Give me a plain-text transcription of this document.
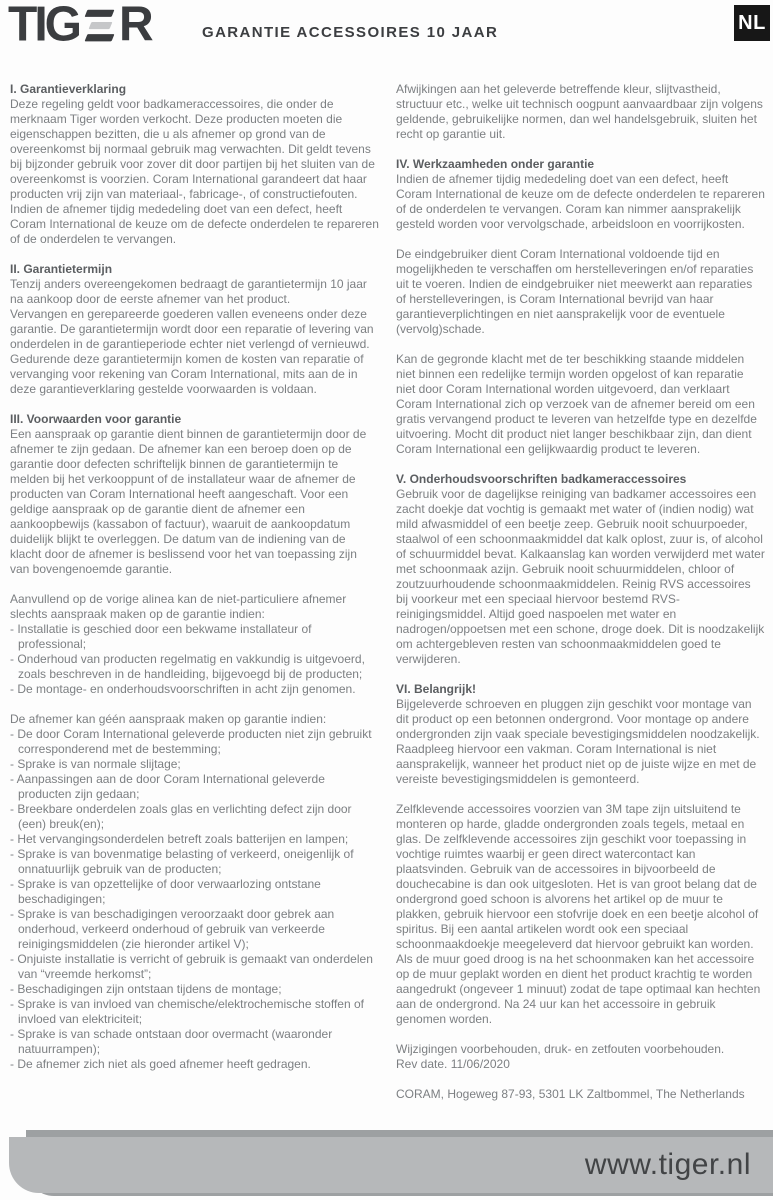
TIG R	GARANTIE ACCESSOIRES 10 JAAR	NL

I. Garantieverklaring

Deze regeling geldt voor badkameraccessoires, die onder de merknaam Tiger worden verkocht. Deze producten moeten die eigenschappen bezitten, die u als afnemer op grond van de overeenkomst bij normaal gebruik mag verwachten. Dit geldt tevens bij bijzonder gebruik voor zover dit door partijen bij het sluiten van de overeenkomst is voorzien. Coram International garandeert dat haar producten vrij zijn van materiaal-, fabricage-, of constructiefouten. Indien de afnemer tijdig mededeling doet van een defect, heeft Coram International de keuze om de defecte onderdelen te repareren of de onderdelen te vervangen.

II. Garantietermijn

Tenzij anders overeengekomen bedraagt de garantietermijn 10 jaar na aankoop door de eerste afnemer van het product.

Vervangen en gerepareerde goederen vallen eveneens onder deze garantie. De garantietermijn wordt door een reparatie of levering van onderdelen in de garantieperiode echter niet verlengd of vernieuwd.

Gedurende deze garantietermijn komen de kosten van reparatie of vervanging voor rekening van Coram International, mits aan de in deze garantieverklaring gestelde voorwaarden is voldaan.

III. Voorwaarden voor garantie

Een aanspraak op garantie dient binnen de garantietermijn door de afnemer te zijn gedaan. De afnemer kan een beroep doen op de garantie door defecten schriftelijk binnen de garantietermijn te melden bij het verkooppunt of de installateur waar de afnemer de producten van Coram International heeft aangeschaft. Voor een geldige aanspraak op de garantie dient de afnemer een aankoopbewijs (kassabon of factuur), waaruit de aankoopdatum duidelijk blijkt te overleggen. De datum van de indiening van de klacht door de afnemer is beslissend voor het van toepassing zijn van bovengenoemde garantie.

Aanvullend op de vorige alinea kan de niet-particuliere afnemer slechts aanspraak maken op de garantie indien:

- Installatie is geschied door een bekwame installateur of professional;
- Onderhoud van producten regelmatig en vakkundig is uitgevoerd, zoals beschreven in de handleiding, bijgevoegd bij de producten;
- De montage- en onderhoudsvoorschriften in acht zijn genomen.

De afnemer kan géén aanspraak maken op garantie indien:

- De door Coram International geleverde producten niet zijn gebruikt corresponderend met de bestemming;
- Sprake is van normale slijtage;
- Aanpassingen aan de door Coram International geleverde producten zijn gedaan;
- Breekbare onderdelen zoals glas en verlichting defect zijn door (een) breuk(en);
- Het vervangingsonderdelen betreft zoals batterijen en lampen;
- Sprake is van bovenmatige belasting of verkeerd, oneigenlijk of onnatuurlijk gebruik van de producten;
- Sprake is van opzettelijke of door verwaarlozing ontstane beschadigingen;
- Sprake is van beschadigingen veroorzaakt door gebrek aan onderhoud, verkeerd onderhoud of gebruik van verkeerde reinigingsmiddelen (zie hieronder artikel V);
- Onjuiste installatie is verricht of gebruik is gemaakt van onderdelen van “vreemde herkomst”;
- Beschadigingen zijn ontstaan tijdens de montage;
- Sprake is van invloed van chemische/elektrochemische stoffen of invloed van elektriciteit;
- Sprake is van schade ontstaan door overmacht (waaronder natuurrampen);
- De afnemer zich niet als goed afnemer heeft gedragen.

Afwijkingen aan het geleverde betreffende kleur, slijtvastheid, structuur etc., welke uit technisch oogpunt aanvaardbaar zijn volgens geldende, gebruikelijke normen, dan wel handelsgebruik, sluiten het recht op garantie uit.

IV. Werkzaamheden onder garantie

Indien de afnemer tijdig mededeling doet van een defect, heeft Coram International de keuze om de defecte onderdelen te repareren of de onderdelen te vervangen. Coram kan nimmer aansprakelijk gesteld worden voor vervolgschade, arbeidsloon en voorrijkosten.

De eindgebruiker dient Coram International voldoende tijd en mogelijkheden te verschaffen om herstelleveringen en/of reparaties uit te voeren. Indien de eindgebruiker niet meewerkt aan reparaties of herstelleveringen, is Coram International bevrijd van haar garantieverplichtingen en niet aansprakelijk voor de eventuele (vervolg)schade.

Kan de gegronde klacht met de ter beschikking staande middelen niet binnen een redelijke termijn worden opgelost of kan reparatie niet door Coram International worden uitgevoerd, dan verklaart Coram International zich op verzoek van de afnemer bereid om een gratis vervangend product te leveren van hetzelfde type en dezelfde uitvoering. Mocht dit product niet langer beschikbaar zijn, dan dient Coram International een gelijkwaardig product te leveren.

V. Onderhoudsvoorschriften badkameraccessoires

Gebruik voor de dagelijkse reiniging van badkamer accessoires een zacht doekje dat vochtig is gemaakt met water of (indien nodig) wat mild afwasmiddel of een beetje zeep. Gebruik nooit schuurpoeder, staalwol of een schoonmaakmiddel dat kalk oplost, zuur is, of alcohol of schuurmiddel bevat. Kalkaanslag kan worden verwijderd met water met schoonmaak azijn. Gebruik nooit schuurmiddelen, chloor of zoutzuurhoudende schoonmaakmiddelen. Reinig RVS accessoires bij voorkeur met een speciaal hiervoor bestemd RVS-reinigingsmiddel. Altijd goed naspoelen met water en nadrogen/oppoetsen met een schone, droge doek. Dit is noodzakelijk om achtergebleven resten van schoonmaakmiddelen goed te verwijderen.

VI. Belangrijk!

Bijgeleverde schroeven en pluggen zijn geschikt voor montage van dit product op een betonnen ondergrond. Voor montage op andere ondergronden zijn vaak speciale bevestigingsmiddelen noodzakelijk. Raadpleeg hiervoor een vakman. Coram International is niet aansprakelijk, wanneer het product niet op de juiste wijze en met de vereiste bevestigingsmiddelen is gemonteerd.

Zelfklevende accessoires voorzien van 3M tape zijn uitsluitend te monteren op harde, gladde ondergronden zoals tegels, metaal en glas. De zelfklevende accessoires zijn geschikt voor toepassing in vochtige ruimtes waarbij er geen direct watercontact kan plaatsvinden. Gebruik van de accessoires in bijvoorbeeld de douchecabine is dan ook uitgesloten. Het is van groot belang dat de ondergrond goed schoon is alvorens het artikel op de muur te plakken, gebruik hiervoor een stofvrije doek en een beetje alcohol of spiritus. Bij een aantal artikelen wordt ook een speciaal schoonmaakdoekje meegeleverd dat hiervoor gebruikt kan worden. Als de muur goed droog is na het schoonmaken kan het accessoire op de muur geplakt worden en dient het product krachtig te worden aangedrukt (ongeveer 1 minuut) zodat de tape optimaal kan hechten aan de ondergrond. Na 24 uur kan het accessoire in gebruik genomen worden.

Wijzigingen voorbehouden, druk- en zetfouten voorbehouden.

Rev date. 11/06/2020

CORAM, Hogeweg 87-93, 5301 LK Zaltbommel, The Netherlands

www.tiger.nl
